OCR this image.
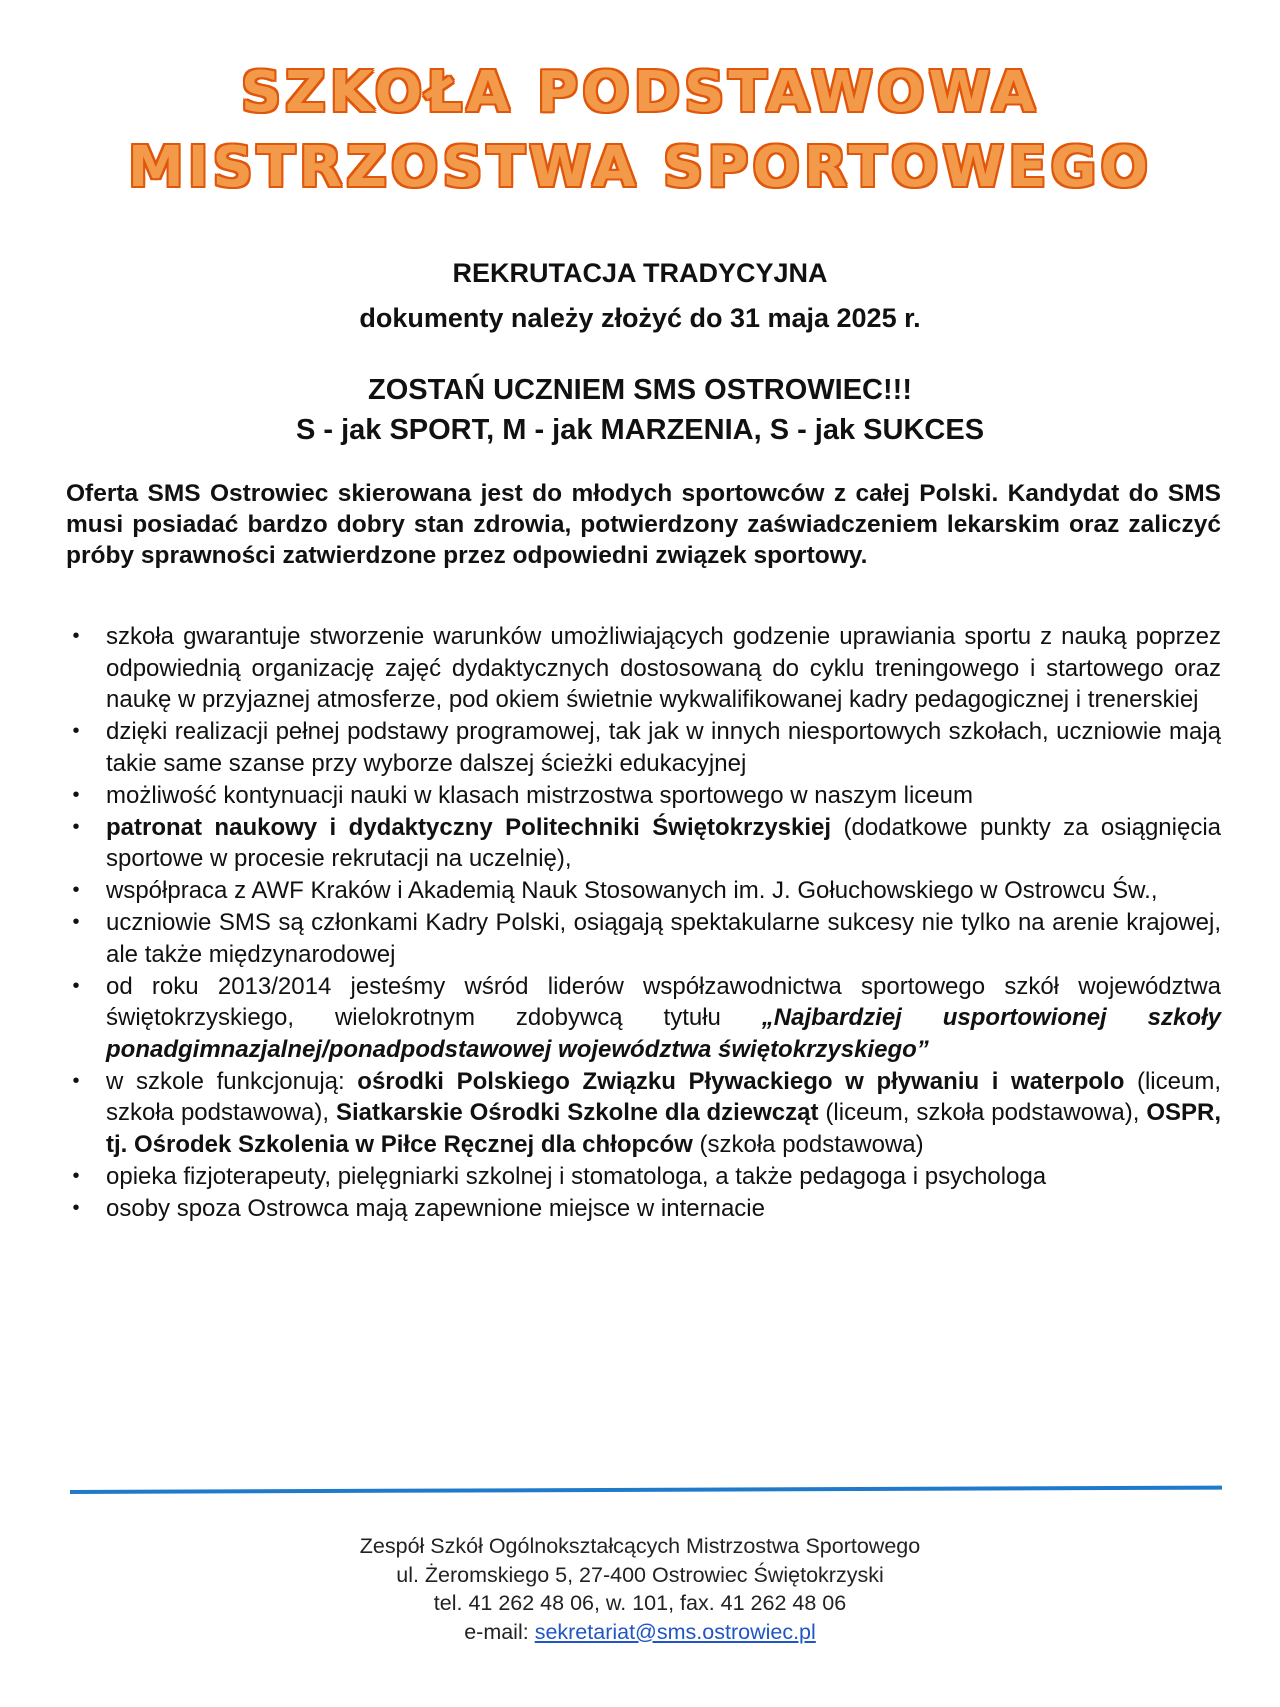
SZKOŁA PODSTAWOWA
MISTRZOSTWA SPORTOWEGO
REKRUTACJA TRADYCYJNA
dokumenty należy złożyć do 31 maja 2025 r.
ZOSTAŃ UCZNIEM SMS OSTROWIEC!!!
S - jak SPORT, M - jak MARZENIA, S - jak SUKCES
Oferta SMS Ostrowiec skierowana jest do młodych sportowców z całej Polski. Kandydat do SMS musi posiadać bardzo dobry stan zdrowia, potwierdzony zaświadczeniem lekarskim oraz zaliczyć próby sprawności zatwierdzone przez odpowiedni związek sportowy.
• szkoła gwarantuje stworzenie warunków umożliwiających godzenie uprawiania sportu z nauką poprzez odpowiednią organizację zajęć dydaktycznych dostosowaną do cyklu treningowego i startowego oraz naukę w przyjaznej atmosferze, pod okiem świetnie wykwalifikowanej kadry pedagogicznej i trenerskiej
• dzięki realizacji pełnej podstawy programowej, tak jak w innych niesportowych szkołach, uczniowie mają takie same szanse przy wyborze dalszej ścieżki edukacyjnej
• możliwość kontynuacji nauki w klasach mistrzostwa sportowego w naszym liceum
• patronat naukowy i dydaktyczny Politechniki Świętokrzyskiej (dodatkowe punkty za osiągnięcia sportowe w procesie rekrutacji na uczelnię),
• współpraca z AWF Kraków i Akademią Nauk Stosowanych im. J. Gołuchowskiego w Ostrowcu Św.,
• uczniowie SMS są członkami Kadry Polski, osiągają spektakularne sukcesy nie tylko na arenie krajowej, ale także międzynarodowej
• od roku 2013/2014 jesteśmy wśród liderów współzawodnictwa sportowego szkół województwa świętokrzyskiego, wielokrotnym zdobywcą tytułu „Najbardziej usportowionej szkoły ponadgimnazjalnej/ponadpodstawowej województwa świętokrzyskiego”
• w szkole funkcjonują: ośrodki Polskiego Związku Pływackiego w pływaniu i waterpolo (liceum, szkoła podstawowa), Siatkarskie Ośrodki Szkolne dla dziewcząt (liceum, szkoła podstawowa), OSPR, tj. Ośrodek Szkolenia w Piłce Ręcznej dla chłopców (szkoła podstawowa)
• opieka fizjoterapeuty, pielęgniarki szkolnej i stomatologa, a także pedagoga i psychologa
• osoby spoza Ostrowca mają zapewnione miejsce w internacie
Zespół Szkół Ogólnokształcących Mistrzostwa Sportowego
ul. Żeromskiego 5, 27-400 Ostrowiec Świętokrzyski
tel. 41 262 48 06, w. 101, fax. 41 262 48 06
e-mail: sekretariat@sms.ostrowiec.pl
